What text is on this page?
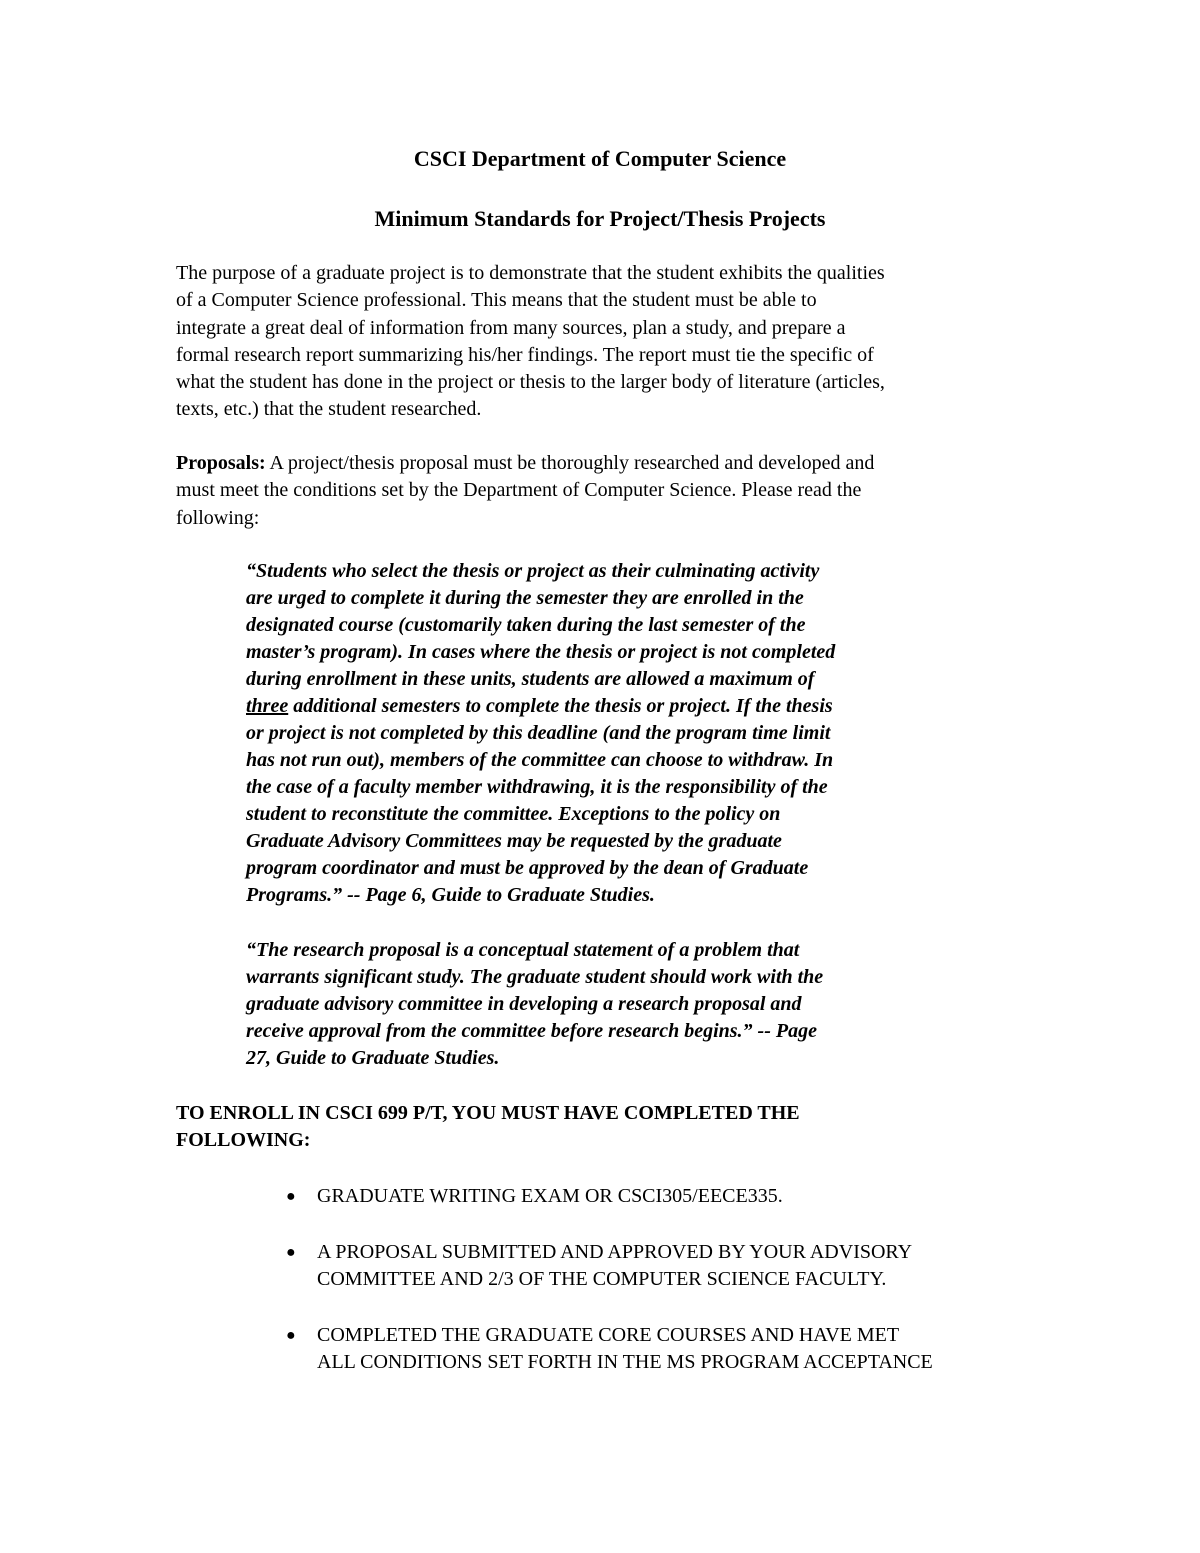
CSCI Department of Computer Science
Minimum Standards for Project/Thesis Projects

The purpose of a graduate project is to demonstrate that the student exhibits the qualities
of a Computer Science professional. This means that the student must be able to
integrate a great deal of information from many sources, plan a study, and prepare a
formal research report summarizing his/her findings. The report must tie the specific of
what the student has done in the project or thesis to the larger body of literature (articles,
texts, etc.) that the student researched.

Proposals: A project/thesis proposal must be thoroughly researched and developed and
must meet the conditions set by the Department of Computer Science. Please read the
following:

“Students who select the thesis or project as their culminating activity
are urged to complete it during the semester they are enrolled in the
designated course (customarily taken during the last semester of the
master’s program). In cases where the thesis or project is not completed
during enrollment in these units, students are allowed a maximum of
three additional semesters to complete the thesis or project. If the thesis
or project is not completed by this deadline (and the program time limit
has not run out), members of the committee can choose to withdraw. In
the case of a faculty member withdrawing, it is the responsibility of the
student to reconstitute the committee. Exceptions to the policy on
Graduate Advisory Committees may be requested by the graduate
program coordinator and must be approved by the dean of Graduate
Programs.” -- Page 6, Guide to Graduate Studies.

“The research proposal is a conceptual statement of a problem that
warrants significant study. The graduate student should work with the
graduate advisory committee in developing a research proposal and
receive approval from the committee before research begins.” -- Page
27, Guide to Graduate Studies.

TO ENROLL IN CSCI 699 P/T, YOU MUST HAVE COMPLETED THE
FOLLOWING:

● GRADUATE WRITING EXAM OR CSCI305/EECE335.
● A PROPOSAL SUBMITTED AND APPROVED BY YOUR ADVISORY
COMMITTEE AND 2/3 OF THE COMPUTER SCIENCE FACULTY.
● COMPLETED THE GRADUATE CORE COURSES AND HAVE MET
ALL CONDITIONS SET FORTH IN THE MS PROGRAM ACCEPTANCE
